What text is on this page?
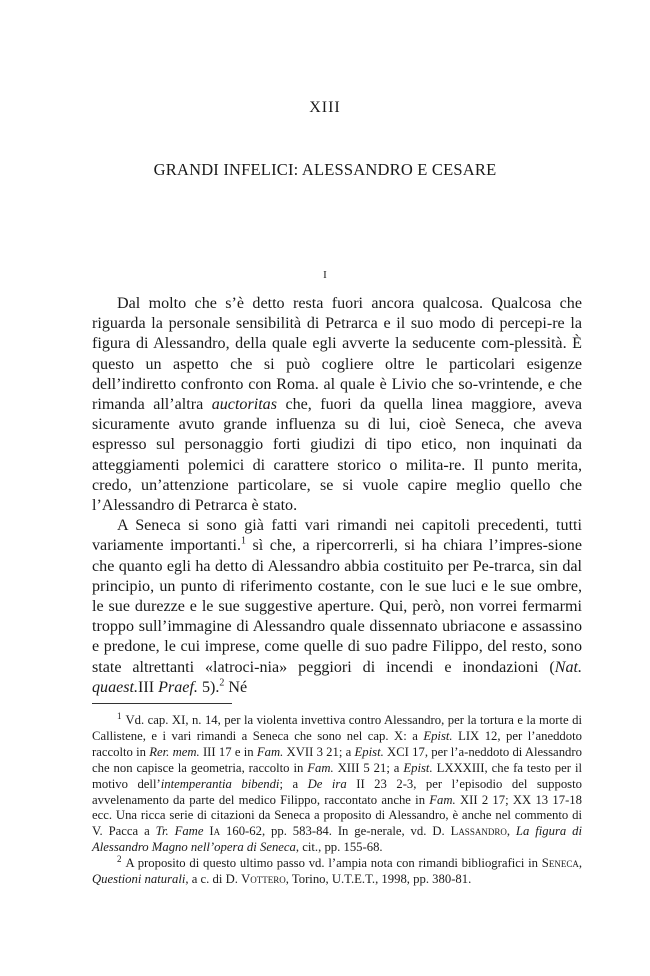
XIII
GRANDI INFELICI: ALESSANDRO E CESARE
I

Dal molto che s’è detto resta fuori ancora qualcosa. Qualcosa che riguarda la personale sensibilità di Petrarca e il suo modo di percepi-re la figura di Alessandro, della quale egli avverte la seducente com-plessità. È questo un aspetto che si può cogliere oltre le particolari esigenze dell’indiretto confronto con Roma. al quale è Livio che so-vrintende, e che rimanda all’altra auctoritas che, fuori da quella linea maggiore, aveva sicuramente avuto grande influenza su di lui, cioè Seneca, che aveva espresso sul personaggio forti giudizi di tipo etico, non inquinati da atteggiamenti polemici di carattere storico o milita-re. Il punto merita, credo, un’attenzione particolare, se si vuole capire meglio quello che l’Alessandro di Petrarca è stato.

A Seneca si sono già fatti vari rimandi nei capitoli precedenti, tutti variamente importanti.$^1$ sì che, a ripercorrerli, si ha chiara l’impres-sione che quanto egli ha detto di Alessandro abbia costituito per Pe-trarca, sin dal principio, un punto di riferimento costante, con le sue luci e le sue ombre, le sue durezze e le sue suggestive aperture. Qui, però, non vorrei fermarmi troppo sull’immagine di Alessandro quale dissennato ubriacone e assassino e predone, le cui imprese, come quelle di suo padre Filippo, del resto, sono state altrettanti «latroci-nia» peggiori di incendi e inondazioni (Nat. quaest.III Praef. 5).$^2$ Né

$^1$ Vd. cap. XI, n. 14, per la violenta invettiva contro Alessandro, per la tortura e la morte di Callistene, e i vari rimandi a Seneca che sono nel cap. X: a Epist. LIX 12, per l’aneddoto raccolto in Rer. mem. III 17 e in Fam. XVII 3 21; a Epist. XCI 17, per l’a-neddoto di Alessandro che non capisce la geometria, raccolto in Fam. XIII 5 21; a Epist. LXXXIII, che fa testo per il motivo dell’intemperantia bibendi; a De ira II 23 2-3, per l’episodio del supposto avvelenamento da parte del medico Filippo, raccontato anche in Fam. XII 2 17; XX 13 17-18 ecc. Una ricca serie di citazioni da Seneca a proposito di Alessandro, è anche nel commento di V. Pacca a Tr. Fame Ia 160-62, pp. 583-84. In ge-nerale, vd. D. Lassandro, La figura di Alessandro Magno nell’opera di Seneca, cit., pp. 155-68.

$^2$ A proposito di questo ultimo passo vd. l’ampia nota con rimandi bibliografici in Seneca, Questioni naturali, a c. di D. Vottero, Torino, U.T.E.T., 1998, pp. 380-81.
